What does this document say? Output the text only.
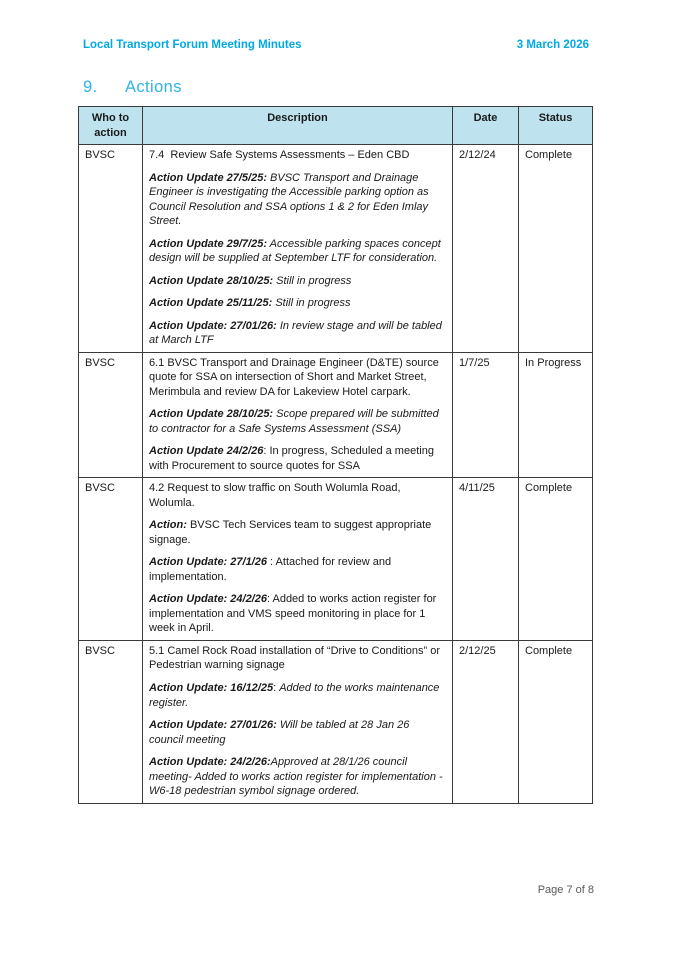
Local Transport Forum Meeting Minutes	3 March 2026
9. Actions
Who to action	Description	Date	Status
BVSC	7.4  Review Safe Systems Assessments – Eden CBD

Action Update 27/5/25: BVSC Transport and Drainage Engineer is investigating the Accessible parking option as Council Resolution and SSA options 1 & 2 for Eden Imlay Street.

Action Update 29/7/25: Accessible parking spaces concept design will be supplied at September LTF for consideration.

Action Update 28/10/25: Still in progress

Action Update 25/11/25: Still in progress

Action Update: 27/01/26: In review stage and will be tabled at March LTF

	2/12/24	Complete
BVSC	6.1 BVSC Transport and Drainage Engineer (D&TE) source quote for SSA on intersection of Short and Market Street, Merimbula and review DA for Lakeview Hotel carpark.

Action Update 28/10/25: Scope prepared will be submitted to contractor for a Safe Systems Assessment (SSA)

Action Update 24/2/26: In progress, Scheduled a meeting with Procurement to source quotes for SSA	1/7/25	In Progress
BVSC	4.2 Request to slow traffic on South Wolumla Road, Wolumla.

Action: BVSC Tech Services team to suggest appropriate signage.

Action Update: 27/1/26 : Attached for review and implementation.

Action Update: 24/2/26: Added to works action register for implementation and VMS speed monitoring in place for 1 week in April.	4/11/25	Complete
BVSC	5.1 Camel Rock Road installation of “Drive to Conditions” or Pedestrian warning signage

Action Update: 16/12/25: Added to the works maintenance register.

Action Update: 27/01/26: Will be tabled at 28 Jan 26 council meeting

Action Update: 24/2/26:Approved at 28/1/26 council meeting- Added to works action register for implementation - W6-18 pedestrian symbol signage ordered.	2/12/25	Complete
Page 7 of 8
